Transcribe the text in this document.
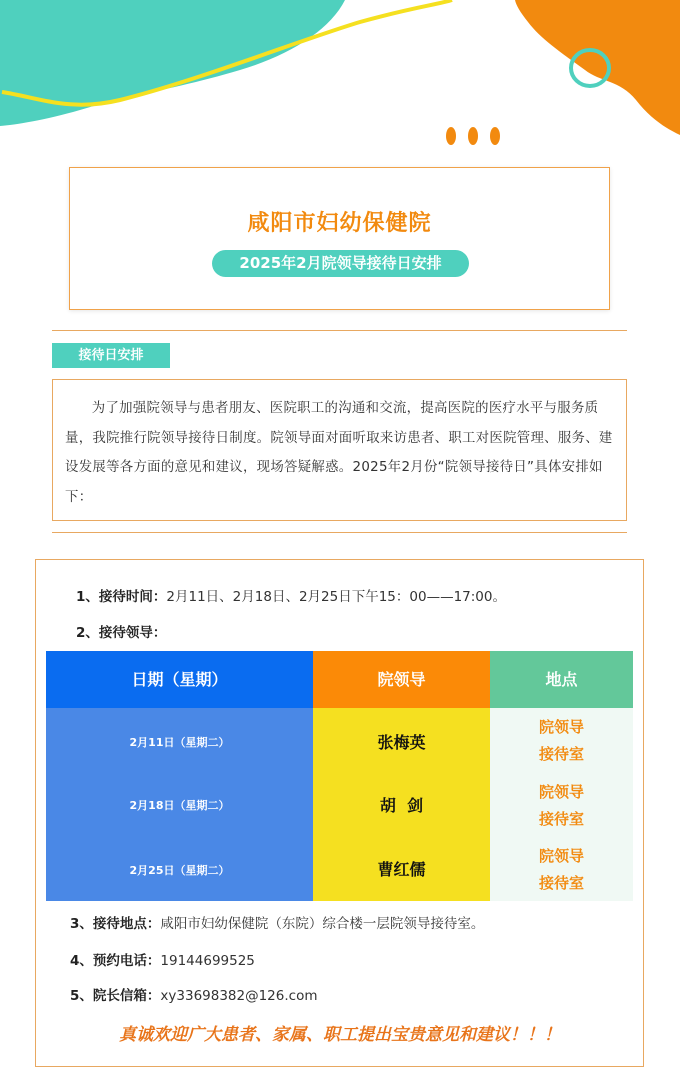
咸阳市妇幼保健院
2025年2月院领导接待日安排
接待日安排

为了加强院领导与患者朋友、医院职工的沟通和交流，提高医院的医疗水平与服务质量，我院推行院领导接待日制度。院领导面对面听取来访患者、职工对医院管理、服务、建设发展等各方面的意见和建议，现场答疑解惑。2025年2月份“院领导接待日”具体安排如下：

1、接待时间：2月11日、2月18日、2月25日下午15：00——17:00。
2、接待领导：
日期（星期）	院领导	地点
2月11日（星期二）
2月18日（星期二）
2月25日（星期二）
张梅英
胡  剑
曹红儒
院领导
接待室
院领导
接待室
院领导
接待室
3、接待地点：咸阳市妇幼保健院（东院）综合楼一层院领导接待室。
4、预约电话：19144699525
5、院长信箱：xy33698382@126.com
真诚欢迎广大患者、家属、职工提出宝贵意见和建议！！！
